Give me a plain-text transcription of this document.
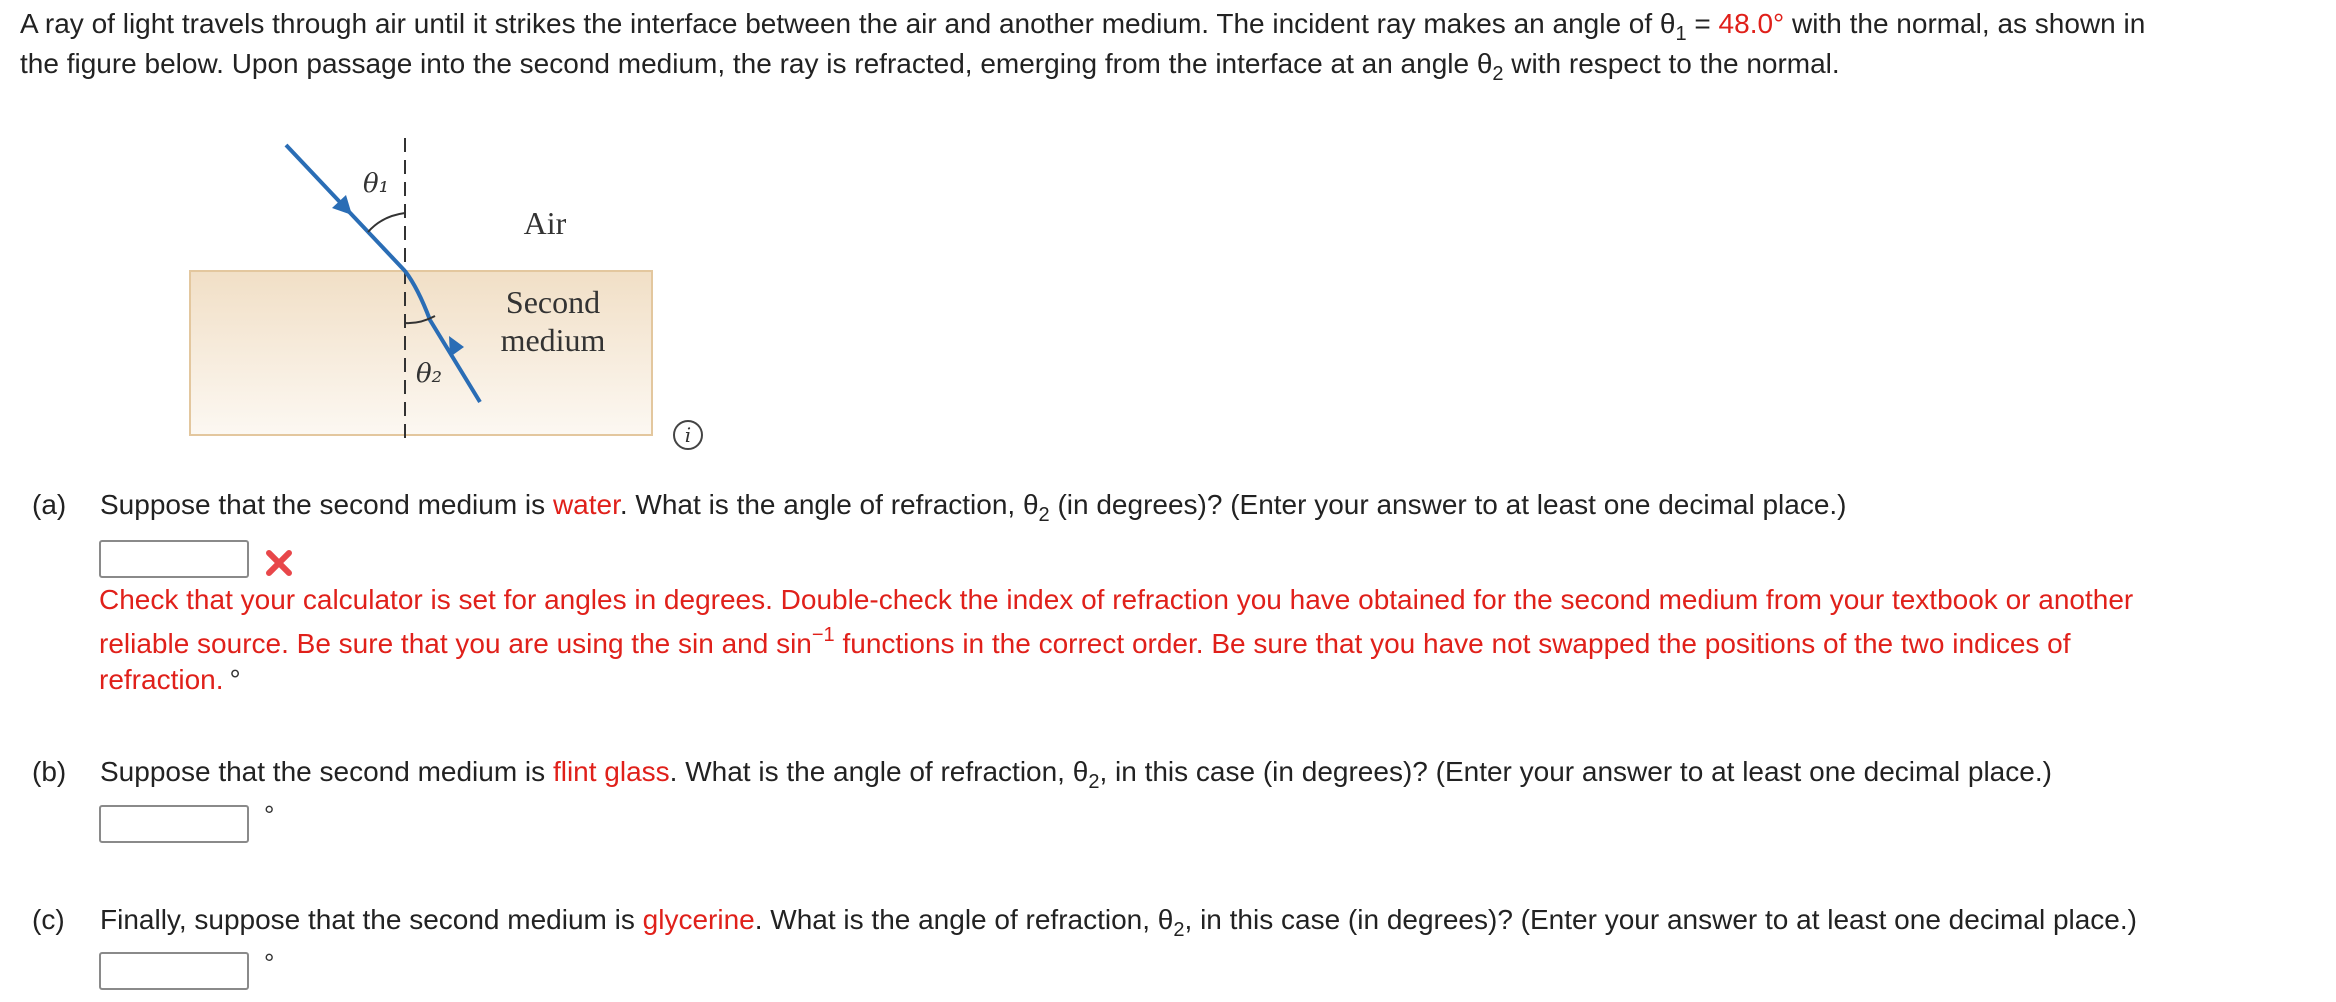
A ray of light travels through air until it strikes the interface between the air and another medium. The incident ray makes an angle of $\theta_1 = 48.0^\circ$ with the normal, as shown in
the figure below. Upon passage into the second medium, the ray is refracted, emerging from the interface at an angle $\theta_2$ with respect to the normal.

θ₁
θ₂
Air
Second
medium
i
(a) Suppose that the second medium is water. What is the angle of refraction, $\theta_2$ (in degrees)? (Enter your answer to at least one decimal place.)

Check that your calculator is set for angles in degrees. Double-check the index of refraction you have obtained for the second medium from your textbook or another

reliable source. Be sure that you are using the sin and $\sin^{-1}$ functions in the correct order. Be sure that you have not swapped the positions of the two indices of

refraction. °

(b) Suppose that the second medium is flint glass. What is the angle of refraction, $\theta_2$, in this case (in degrees)? (Enter your answer to at least one decimal place.)
°
(c) Finally, suppose that the second medium is glycerine. What is the angle of refraction, $\theta_2$, in this case (in degrees)? (Enter your answer to at least one decimal place.)
°
